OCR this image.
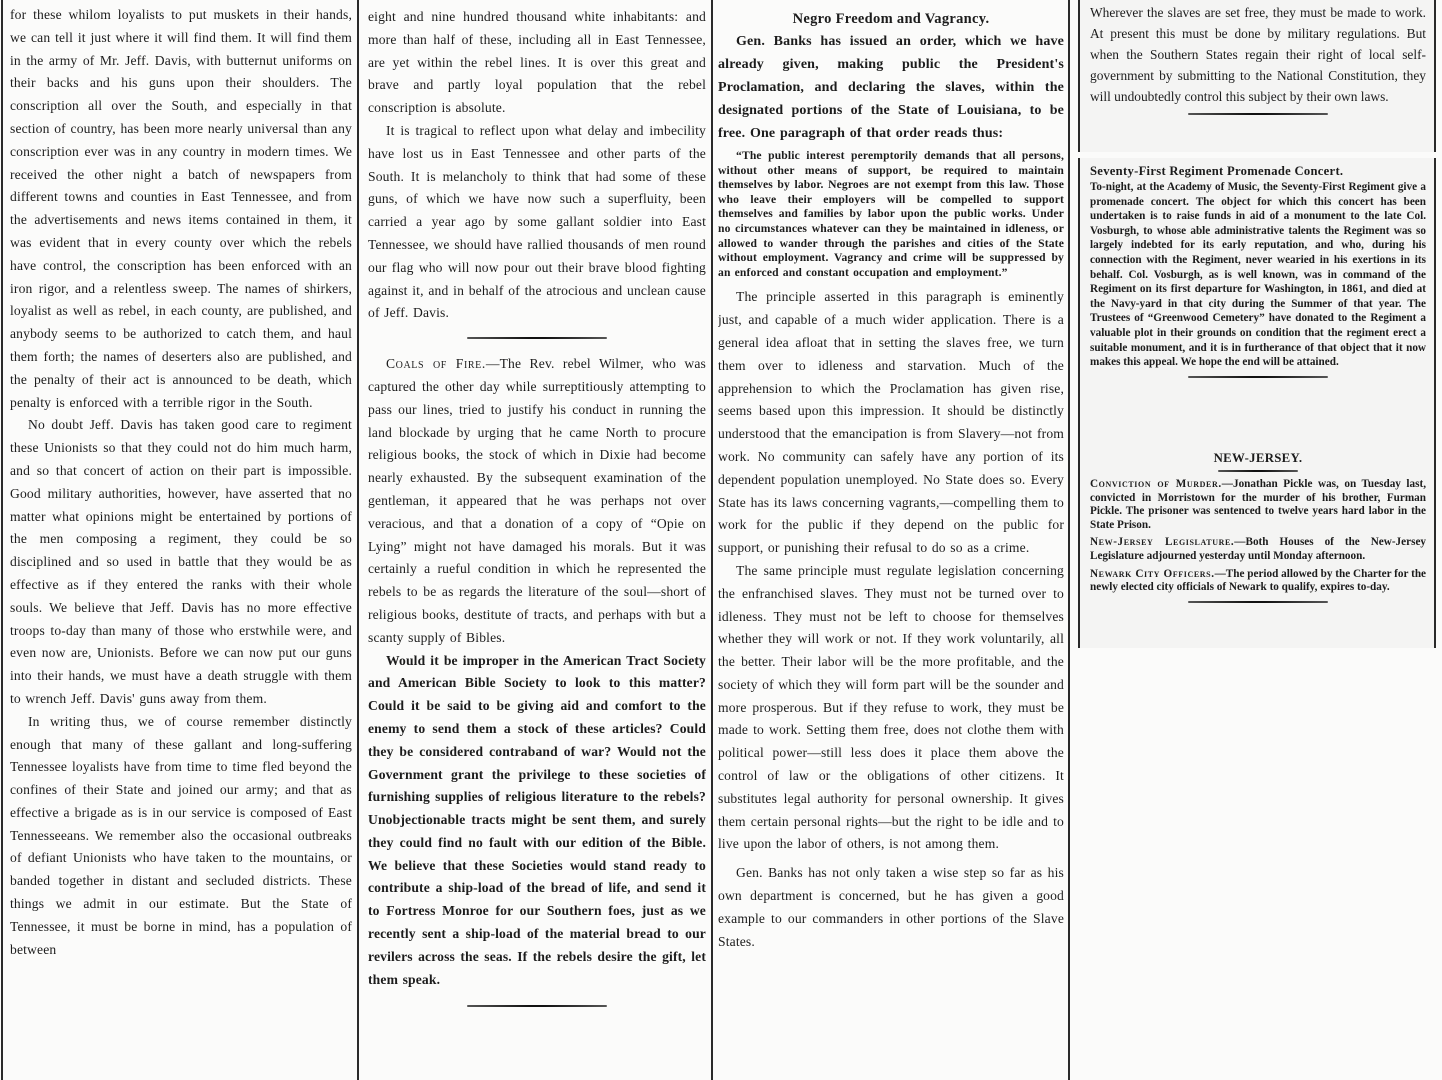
for these whilom loyalists to put muskets in their hands, we can tell it just where it will find them. It will find them in the army of Mr. Jeff. Davis, with butternut uniforms on their backs and his guns upon their shoulders. The conscription all over the South, and especially in that section of country, has been more nearly universal than any conscription ever was in any country in modern times. We received the other night a batch of newspapers from different towns and counties in East Tennessee, and from the advertisements and news items contained in them, it was evident that in every county over which the rebels have control, the conscription has been enforced with an iron rigor, and a relentless sweep. The names of shirkers, loyalist as well as rebel, in each county, are published, and anybody seems to be authorized to catch them, and haul them forth; the names of deserters also are published, and the penalty of their act is announced to be death, which penalty is enforced with a terrible rigor in the South.

No doubt Jeff. Davis has taken good care to regiment these Unionists so that they could not do him much harm, and so that concert of action on their part is impossible. Good military authorities, however, have asserted that no matter what opinions might be entertained by portions of the men composing a regiment, they could be so disciplined and so used in battle that they would be as effective as if they entered the ranks with their whole souls. We believe that Jeff. Davis has no more effective troops to-day than many of those who erstwhile were, and even now are, Unionists. Before we can now put our guns into their hands, we must have a death struggle with them to wrench Jeff. Davis' guns away from them.

In writing thus, we of course remember distinctly enough that many of these gallant and long-suffering Tennessee loyalists have from time to time fled beyond the confines of their State and joined our army; and that as effective a brigade as is in our service is composed of East Tennesseeans. We remember also the occasional outbreaks of defiant Unionists who have taken to the mountains, or banded together in distant and secluded districts. These things we admit in our estimate. But the State of Tennessee, it must be borne in mind, has a population of between

eight and nine hundred thousand white inhabitants: and more than half of these, including all in East Tennessee, are yet within the rebel lines. It is over this great and brave and partly loyal population that the rebel conscription is absolute.

It is tragical to reflect upon what delay and imbecility have lost us in East Tennessee and other parts of the South. It is melancholy to think that had some of these guns, of which we have now such a superfluity, been carried a year ago by some gallant soldier into East Tennessee, we should have rallied thousands of men round our flag who will now pour out their brave blood fighting against it, and in behalf of the atrocious and unclean cause of Jeff. Davis.

Coals of Fire.—The Rev. rebel Wilmer, who was captured the other day while surreptitiously attempting to pass our lines, tried to justify his conduct in running the land blockade by urging that he came North to procure religious books, the stock of which in Dixie had become nearly exhausted. By the subsequent examination of the gentleman, it appeared that he was perhaps not over veracious, and that a donation of a copy of “Opie on Lying” might not have damaged his morals. But it was certainly a rueful condition in which he represented the rebels to be as regards the literature of the soul—short of religious books, destitute of tracts, and perhaps with but a scanty supply of Bibles.

Would it be improper in the American Tract Society and American Bible Society to look to this matter? Could it be said to be giving aid and comfort to the enemy to send them a stock of these articles? Could they be considered contraband of war? Would not the Government grant the privilege to these societies of furnishing supplies of religious literature to the rebels? Unobjectionable tracts might be sent them, and surely they could find no fault with our edition of the Bible. We believe that these Societies would stand ready to contribute a ship-load of the bread of life, and send it to Fortress Monroe for our Southern foes, just as we recently sent a ship-load of the material bread to our revilers across the seas. If the rebels desire the gift, let them speak.

Negro Freedom and Vagrancy.

Gen. Banks has issued an order, which we have already given, making public the President's Proclamation, and declaring the slaves, within the designated portions of the State of Louisiana, to be free. One paragraph of that order reads thus:

“The public interest peremptorily demands that all persons, without other means of support, be required to maintain themselves by labor. Negroes are not exempt from this law. Those who leave their employers will be compelled to support themselves and families by labor upon the public works. Under no circumstances whatever can they be maintained in idleness, or allowed to wander through the parishes and cities of the State without employment. Vagrancy and crime will be suppressed by an enforced and constant occupation and employment.”

The principle asserted in this paragraph is eminently just, and capable of a much wider application. There is a general idea afloat that in setting the slaves free, we turn them over to idleness and starvation. Much of the apprehension to which the Proclamation has given rise, seems based upon this impression. It should be distinctly understood that the emancipation is from Slavery—not from work. No community can safely have any portion of its dependent population unemployed. No State does so. Every State has its laws concerning vagrants,—compelling them to work for the public if they depend on the public for support, or punishing their refusal to do so as a crime.

The same principle must regulate legislation concerning the enfranchised slaves. They must not be turned over to idleness. They must not be left to choose for themselves whether they will work or not. If they work voluntarily, all the better. Their labor will be the more profitable, and the society of which they will form part will be the sounder and more prosperous. But if they refuse to work, they must be made to work. Setting them free, does not clothe them with political power—still less does it place them above the control of law or the obligations of other citizens. It substitutes legal authority for personal ownership. It gives them certain personal rights—but the right to be idle and to live upon the labor of others, is not among them.

Gen. Banks has not only taken a wise step so far as his own department is concerned, but he has given a good example to our commanders in other portions of the Slave States.

Wherever the slaves are set free, they must be made to work. At present this must be done by military regulations. But when the Southern States regain their right of local self-government by submitting to the National Constitution, they will undoubtedly control this subject by their own laws.

Seventy-First Regiment Promenade Concert.

To-night, at the Academy of Music, the Seventy-First Regiment give a promenade concert. The object for which this concert has been undertaken is to raise funds in aid of a monument to the late Col. Vosburgh, to whose able administrative talents the Regiment was so largely indebted for its early reputation, and who, during his connection with the Regiment, never wearied in his exertions in its behalf. Col. Vosburgh, as is well known, was in command of the Regiment on its first departure for Washington, in 1861, and died at the Navy-yard in that city during the Summer of that year. The Trustees of “Greenwood Cemetery” have donated to the Regiment a valuable plot in their grounds on condition that the regiment erect a suitable monument, and it is in furtherance of that object that it now makes this appeal. We hope the end will be attained.

NEW-JERSEY.

Conviction of Murder.—Jonathan Pickle was, on Tuesday last, convicted in Morristown for the murder of his brother, Furman Pickle. The prisoner was sentenced to twelve years hard labor in the State Prison.

New-Jersey Legislature.—Both Houses of the New-Jersey Legislature adjourned yesterday until Monday afternoon.

Newark City Officers.—The period allowed by the Charter for the newly elected city officials of Newark to qualify, expires to-day.
